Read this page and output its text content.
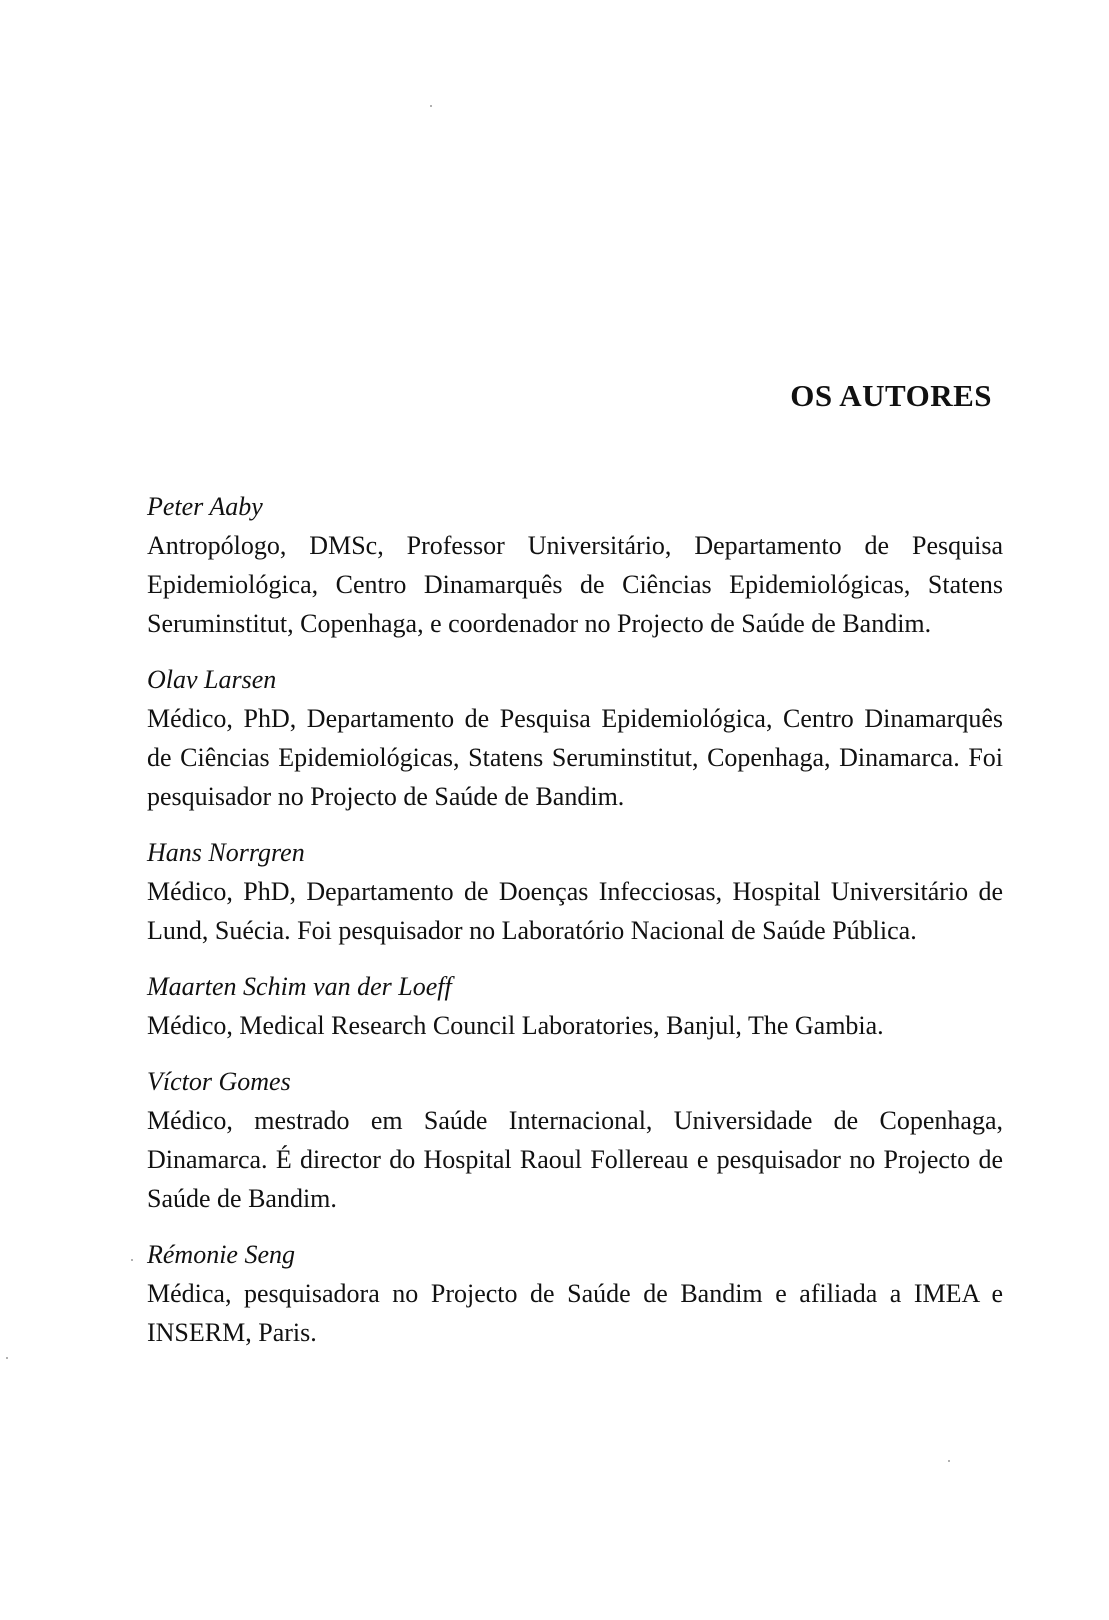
OS AUTORES
Peter Aaby
Antropólogo, DMSc, Professor Universitário, Departamento de Pesquisa Epidemiológica, Centro Dinamarquês de Ciências Epidemiológicas, Statens Seruminstitut, Copenhaga, e coordenador no Projecto de Saúde de Bandim.
Olav Larsen
Médico, PhD, Departamento de Pesquisa Epidemiológica, Centro Dinamarquês de Ciências Epidemiológicas, Statens Seruminstitut, Copenhaga, Dinamarca. Foi pesquisador no Projecto de Saúde de Bandim.
Hans Norrgren
Médico, PhD, Departamento de Doenças Infecciosas, Hospital Universitário de Lund, Suécia. Foi pesquisador no Laboratório Nacional de Saúde Pública.
Maarten Schim van der Loeff
Médico, Medical Research Council Laboratories, Banjul, The Gambia.
Víctor Gomes
Médico, mestrado em Saúde Internacional, Universidade de Copenhaga, Dinamarca. É director do Hospital Raoul Follereau e pesquisador no Projecto de Saúde de Bandim.
Rémonie Seng
Médica, pesquisadora no Projecto de Saúde de Bandim e afiliada a IMEA e INSERM, Paris.
